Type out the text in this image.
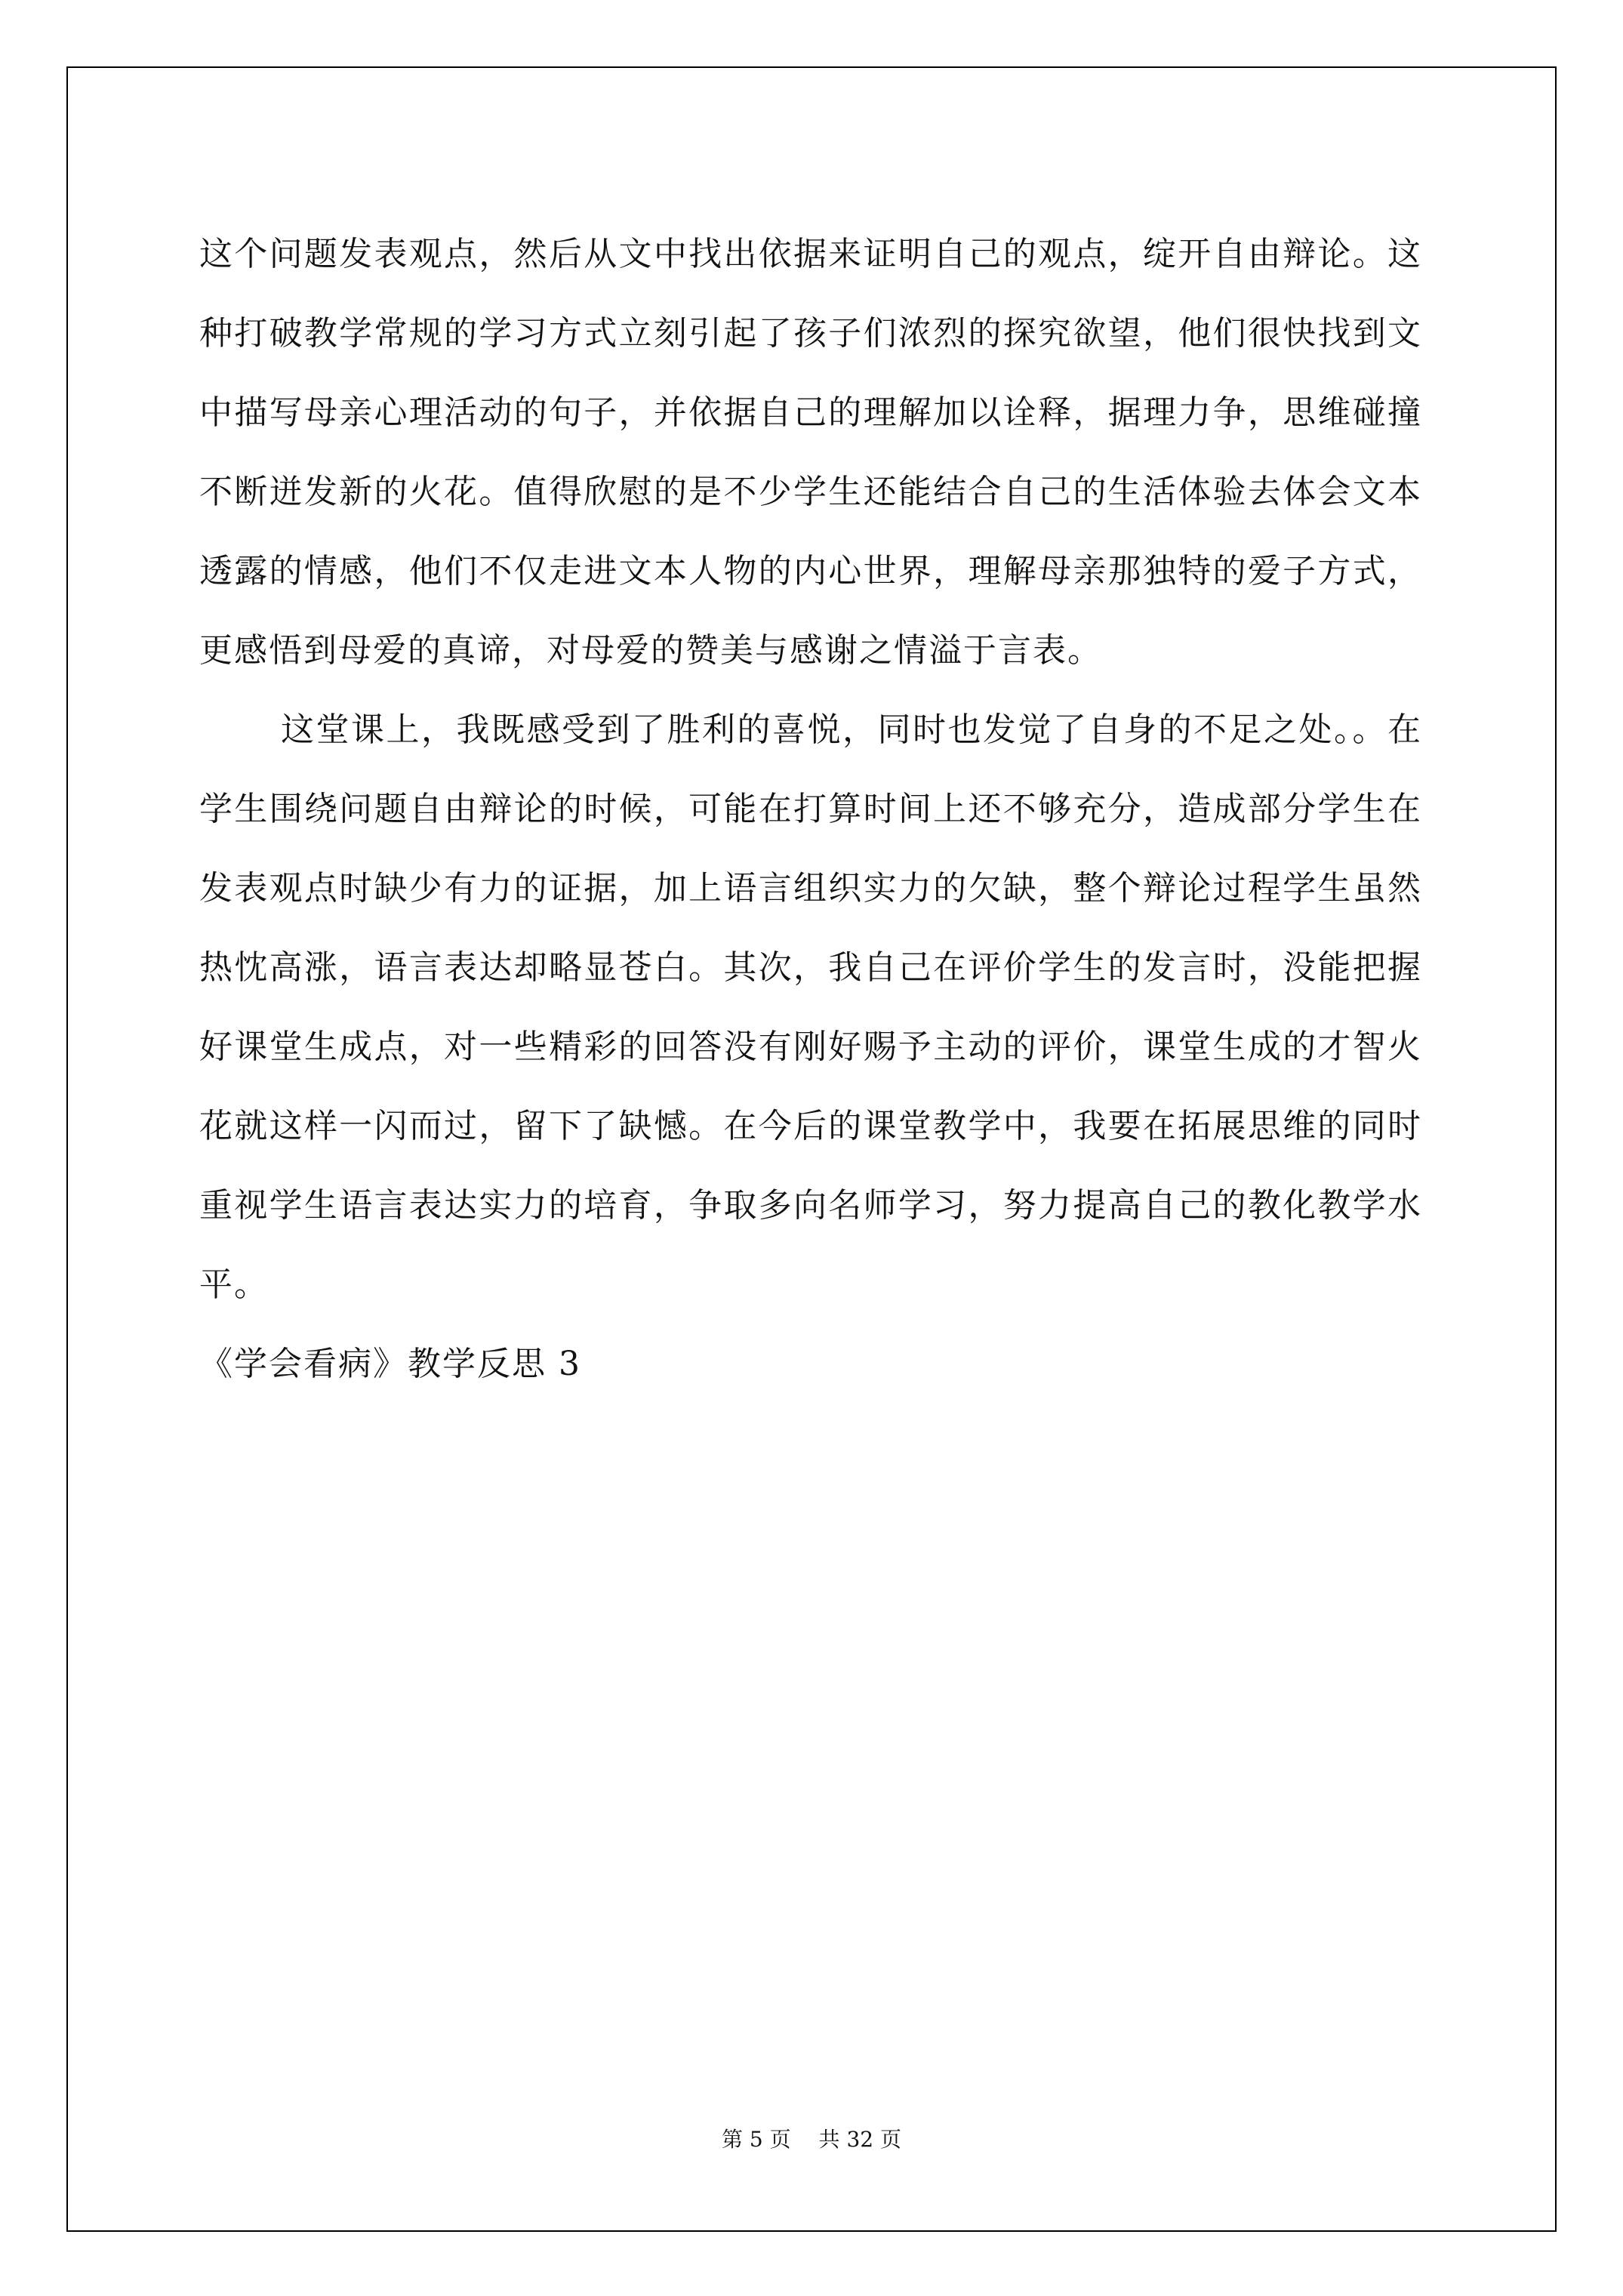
这个问题发表观点，然后从文中找出依据来证明自己的观点，绽开自由辩论。这种打破教学常规的学习方式立刻引起了孩子们浓烈的探究欲望，他们很快找到文中描写母亲心理活动的句子，并依据自己的理解加以诠释，据理力争，思维碰撞不断迸发新的火花。值得欣慰的是不少学生还能结合自己的生活体验去体会文本透露的情感，他们不仅走进文本人物的内心世界，理解母亲那独特的爱子方式，更感悟到母爱的真谛，对母爱的赞美与感谢之情溢于言表。

这堂课上，我既感受到了胜利的喜悦，同时也发觉了自身的不足之处。。在学生围绕问题自由辩论的时候，可能在打算时间上还不够充分，造成部分学生在发表观点时缺少有力的证据，加上语言组织实力的欠缺，整个辩论过程学生虽然热忱高涨，语言表达却略显苍白。其次，我自己在评价学生的发言时，没能把握好课堂生成点，对一些精彩的回答没有刚好赐予主动的评价，课堂生成的才智火花就这样一闪而过，留下了缺憾。在今后的课堂教学中，我要在拓展思维的同时重视学生语言表达实力的培育，争取多向名师学习，努力提高自己的教化教学水平。

《学会看病》教学反思 3

第 5 页 共 32 页
